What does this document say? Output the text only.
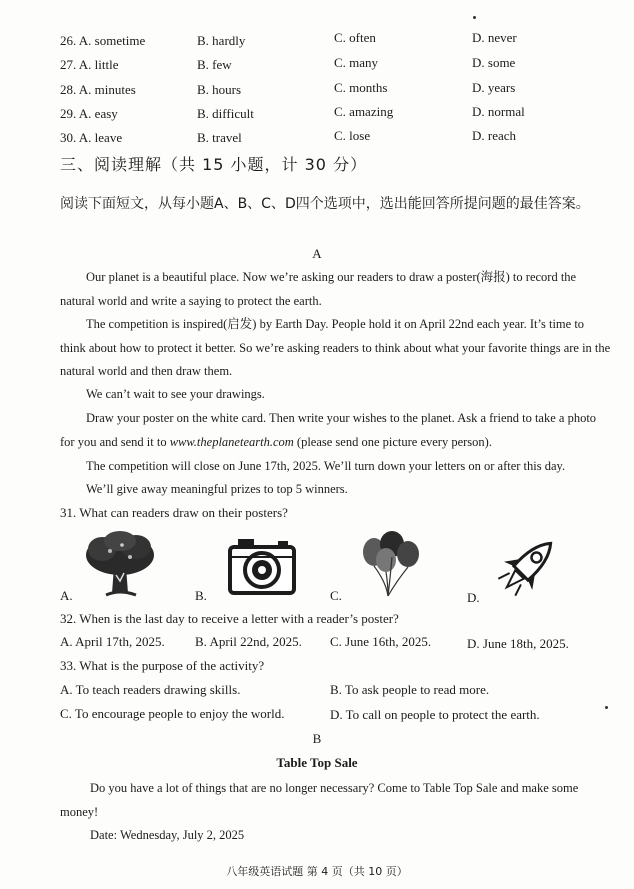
26. A. sometime	B. hardly	C. often	D. never
27. A. little	B. few	C. many	D. some
28. A. minutes	B. hours	C. months	D. years
29. A. easy	B. difficult	C. amazing	D. normal
30. A. leave	B. travel	C. lose	D. reach
三、阅读理解（共 15 小题，计 30 分）
阅读下面短文，从每小题A、B、C、D四个选项中，选出能回答所提问题的最佳答案。
A
Our planet is a beautiful place. Now we’re asking our readers to draw a poster(海报) to record the natural world and write a saying to protect the earth.
The competition is inspired(启发) by Earth Day. People hold it on April 22nd each year. It’s time to think about how to protect it better. So we’re asking readers to think about what your favorite things are in the natural world and then draw them.
We can’t wait to see your drawings.
Draw your poster on the white card. Then write your wishes to the planet. Ask a friend to take a photo for you and send it to www.theplanetearth.com (please send one picture every person).
The competition will close on June 17th, 2025. We’ll turn down your letters on or after this day.
We’ll give away meaningful prizes to top 5 winners.
31. What can readers draw on their posters?
A.	B.	C.	D.
32. When is the last day to receive a letter with a reader’s poster?
A. April 17th, 2025. B. April 22nd, 2025. C. June 16th, 2025.	D. June 18th, 2025.
33. What is the purpose of the activity?
A. To teach readers drawing skills.	B. To ask people to read more.
C. To encourage people to enjoy the world.	D. To call on people to protect the earth.
B
Table Top Sale
Do you have a lot of things that are no longer necessary? Come to Table Top Sale and make some money!
Date: Wednesday, July 2, 2025
八年级英语试题 第 4 页（共 10 页）
